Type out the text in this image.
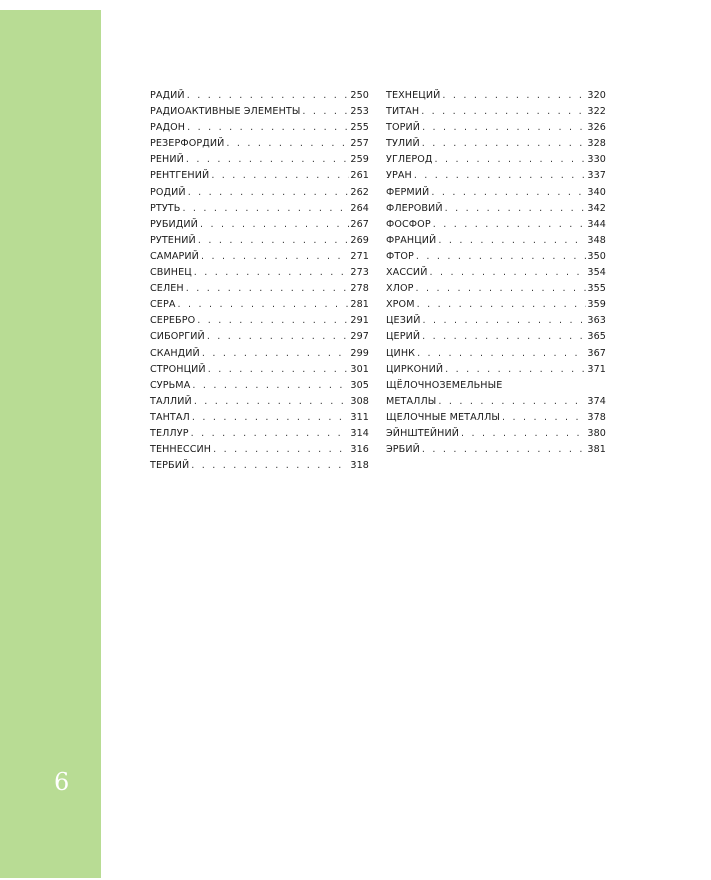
6
РАДИЙ . . .	250
РАДИОАКТИВНЫЕ ЭЛЕМЕНТЫ . . .	253
РАДОН . . .	255
РЕЗЕРФОРДИЙ . . .	257
РЕНИЙ . . .	259
РЕНТГЕНИЙ . . .	261
РОДИЙ . . .	262
РТУТЬ . . .	264
РУБИДИЙ . . .	267
РУТЕНИЙ . . .	269
САМАРИЙ . . .	271
СВИНЕЦ . . .	273
СЕЛЕН . . .	278
СЕРА . . .	281
СЕРЕБРО . . .	291
СИБОРГИЙ . . .	297
СКАНДИЙ . . .	299
СТРОНЦИЙ . . .	301
СУРЬМА . . .	305
ТАЛЛИЙ . . .	308
ТАНТАЛ . . .	311
ТЕЛЛУР . . .	314
ТЕННЕССИН . . .	316
ТЕРБИЙ . . .	318
ТЕХНЕЦИЙ . . .	320
ТИТАН . . .	322
ТОРИЙ . . .	326
ТУЛИЙ . . .	328
УГЛЕРОД . . .	330
УРАН . . .	337
ФЕРМИЙ . . .	340
ФЛЕРОВИЙ . . .	342
ФОСФОР . . .	344
ФРАНЦИЙ . . .	348
ФТОР . . .	350
ХАССИЙ . . .	354
ХЛОР . . .	355
ХРОМ . . .	359
ЦЕЗИЙ . . .	363
ЦЕРИЙ . . .	365
ЦИНК . . .	367
ЦИРКОНИЙ . . .	371
ЩЁЛОЧНОЗЕМЕЛЬНЫЕ
МЕТАЛЛЫ . . .	374
ЩЕЛОЧНЫЕ МЕТАЛЛЫ . . .	378
ЭЙНШТЕЙНИЙ . . .	380
ЭРБИЙ . . .	381
